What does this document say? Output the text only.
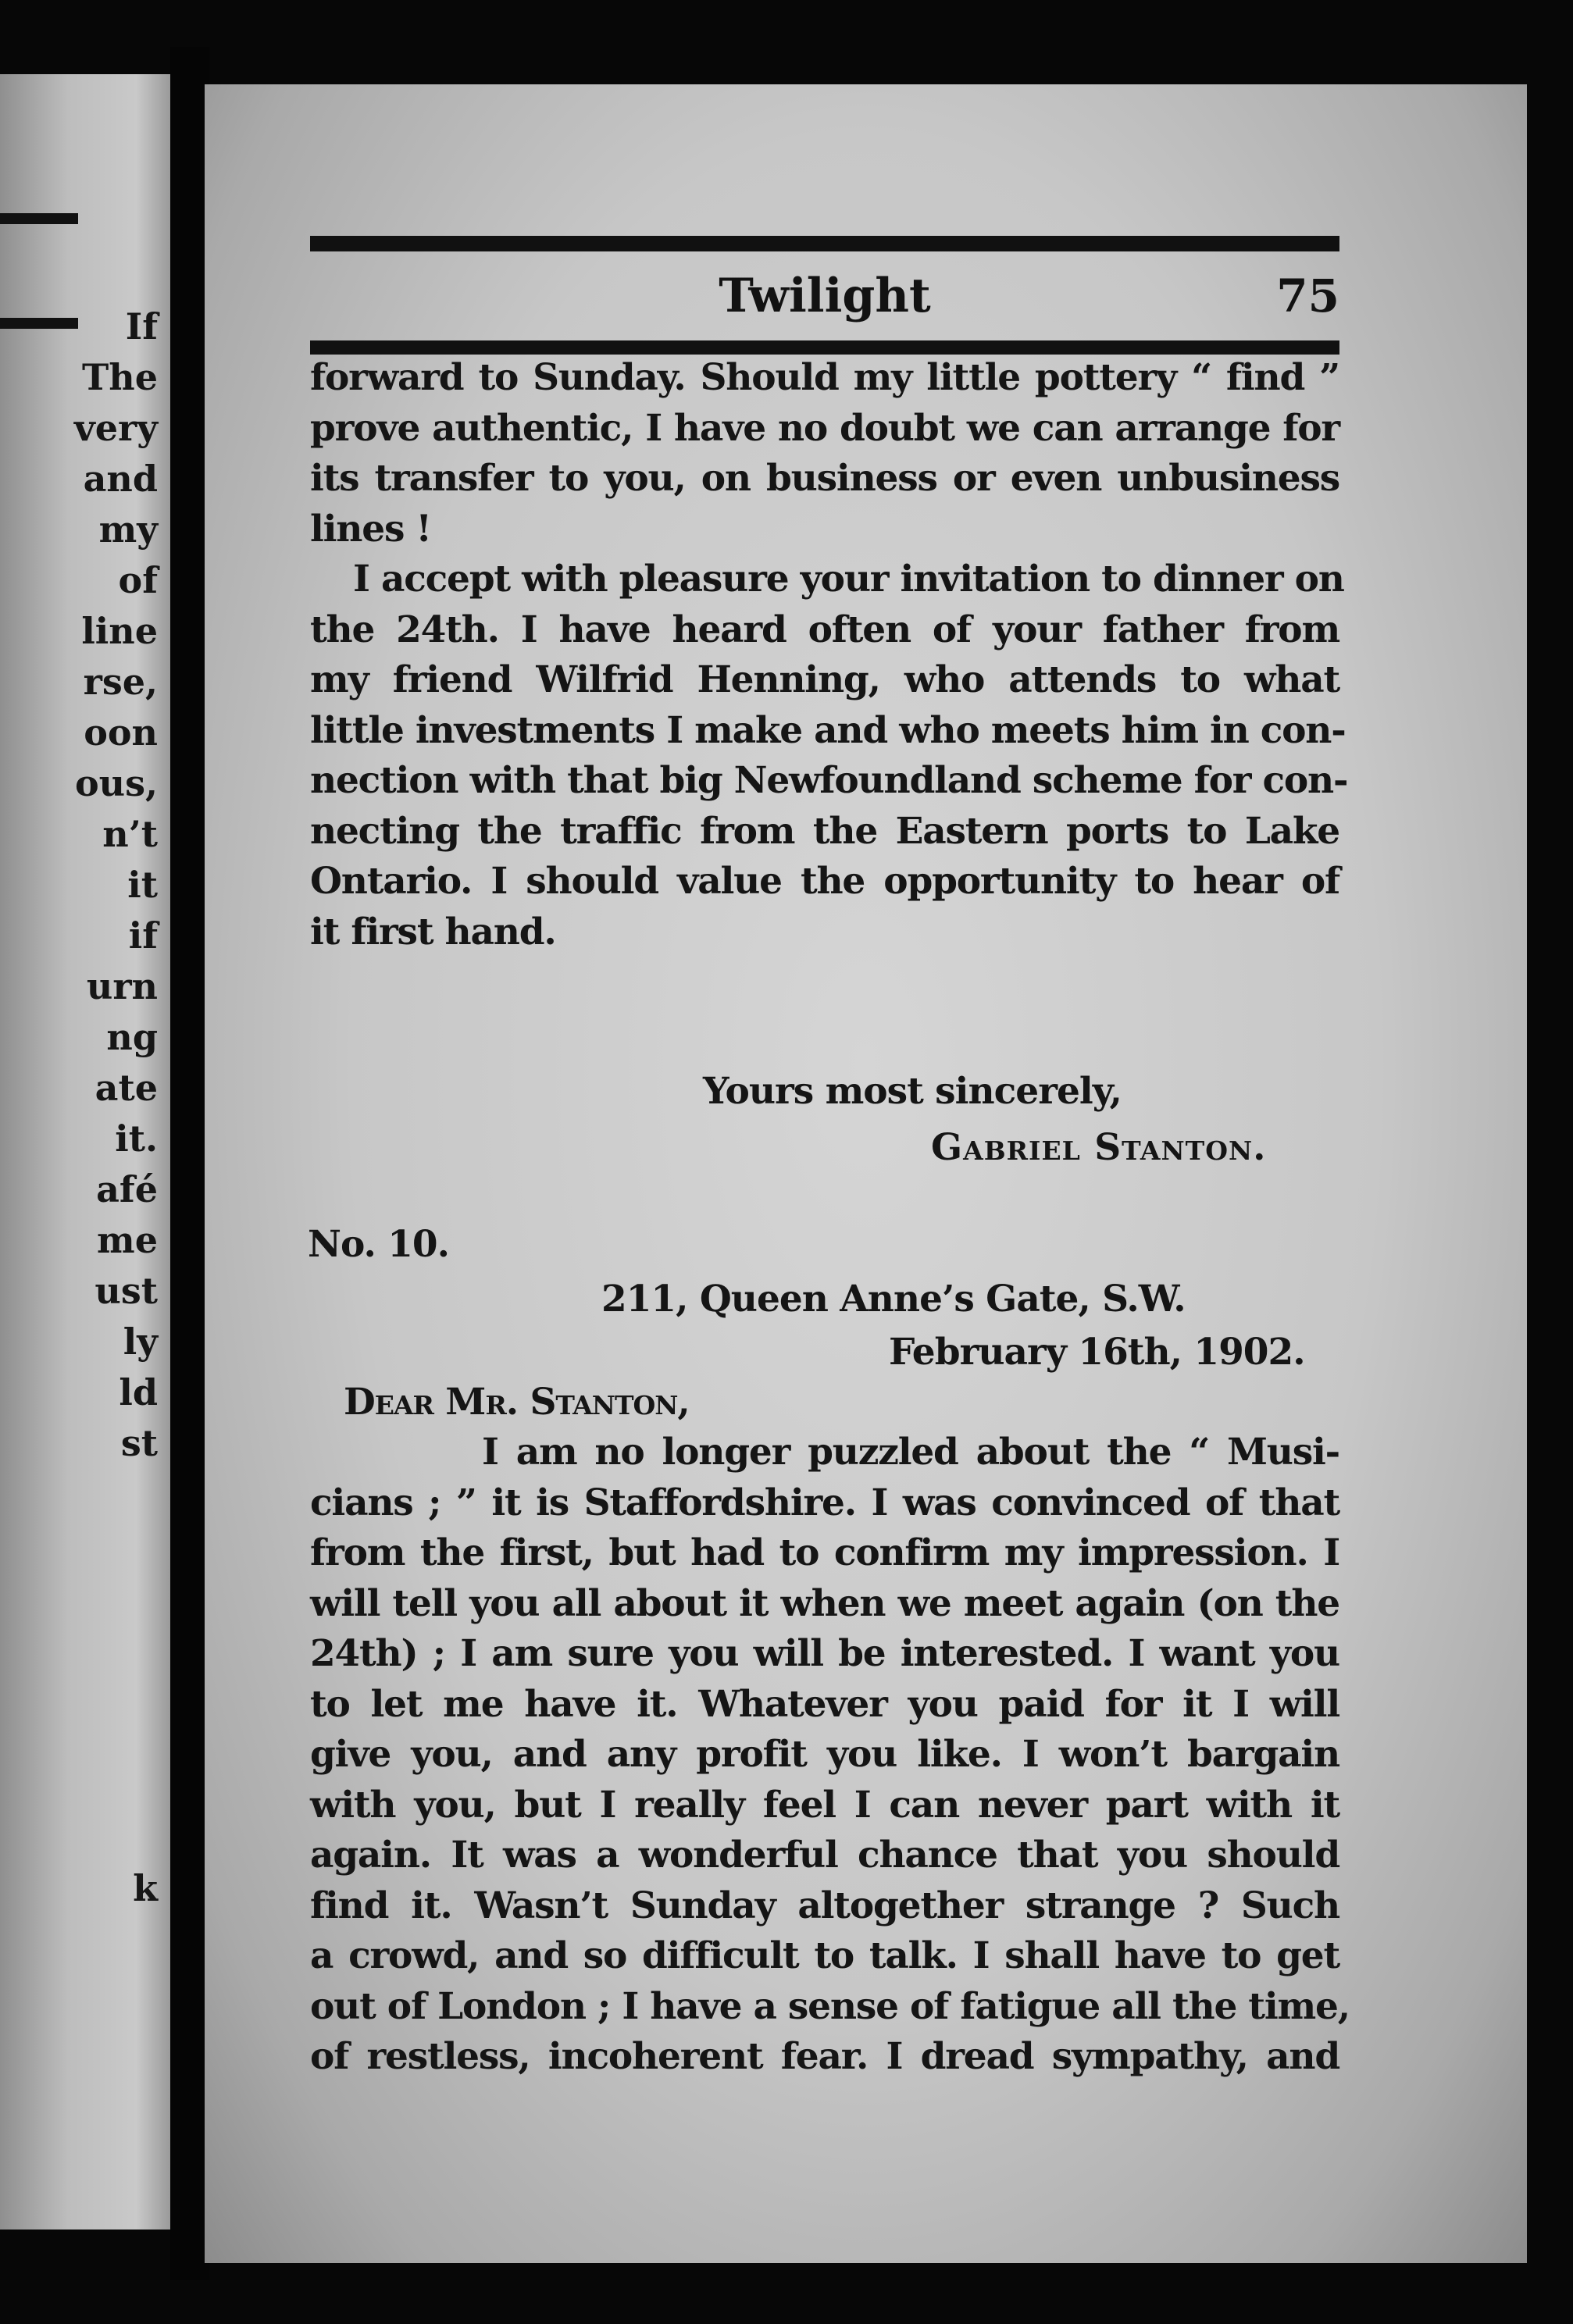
If
The
very
and
my
of
line
rse,
oon
ous,
n’t
it
if
urn
ng
ate
it.
afé
me
ust
ly
ld
st
k
Twilight	75
forward to Sunday. Should my little pottery “ find ”
prove authentic, I have no doubt we can arrange for
its transfer to you, on business or even unbusiness
lines !
I accept with pleasure your invitation to dinner on
the 24th. I have heard often of your father from
my friend Wilfrid Henning, who attends to what
little investments I make and who meets him in con-
nection with that big Newfoundland scheme for con-
necting the traffic from the Eastern ports to Lake
Ontario. I should value the opportunity to hear of
it first hand.
Yours most sincerely,
Gabriel Stanton.
No. 10.
211, Queen Anne’s Gate, S.W.
February 16th, 1902.
Dear Mr. Stanton,
I am no longer puzzled about the “ Musi-
cians ; ” it is Staffordshire. I was convinced of that
from the first, but had to confirm my impression. I
will tell you all about it when we meet again (on the
24th) ; I am sure you will be interested. I want you
to let me have it. Whatever you paid for it I will
give you, and any profit you like. I won’t bargain
with you, but I really feel I can never part with it
again. It was a wonderful chance that you should
find it. Wasn’t Sunday altogether strange ? Such
a crowd, and so difficult to talk. I shall have to get
out of London ; I have a sense of fatigue all the time,
of restless, incoherent fear. I dread sympathy, and
